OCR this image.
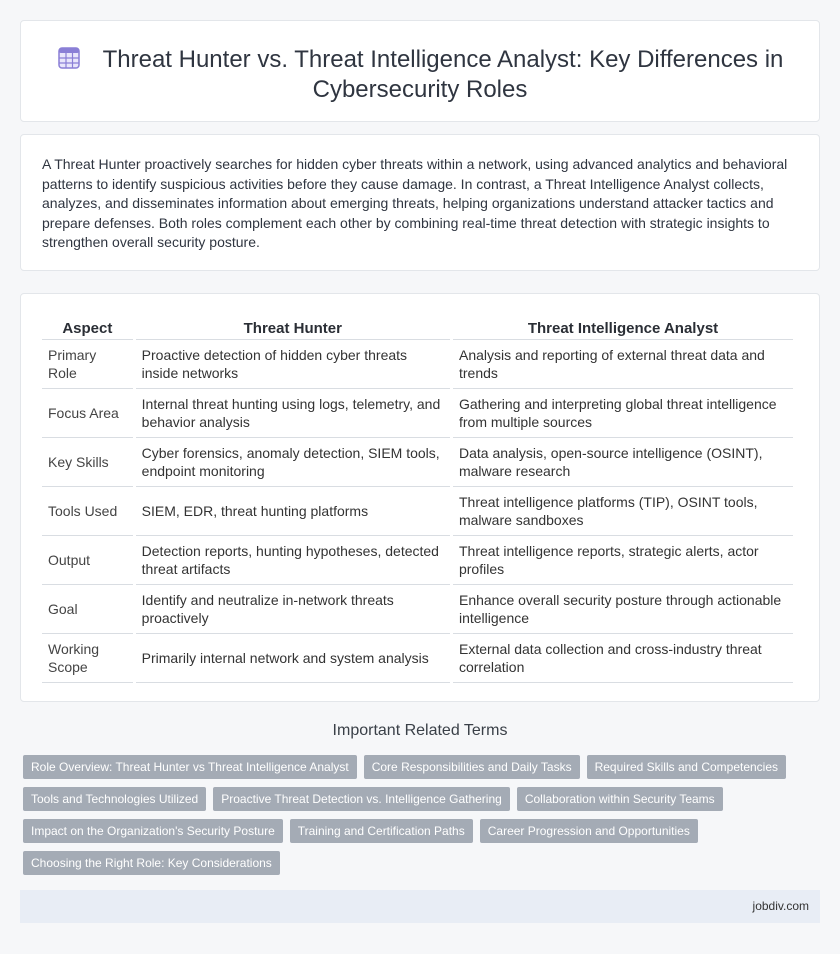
Threat Hunter vs. Threat Intelligence Analyst: Key Differences in Cybersecurity Roles

A Threat Hunter proactively searches for hidden cyber threats within a network, using advanced analytics and behavioral patterns to identify suspicious activities before they cause damage. In contrast, a Threat Intelligence Analyst collects, analyzes, and disseminates information about emerging threats, helping organizations understand attacker tactics and prepare defenses. Both roles complement each other by combining real-time threat detection with strategic insights to strengthen overall security posture.

Aspect	Threat Hunter	Threat Intelligence Analyst
Primary Role	Proactive detection of hidden cyber threats inside networks	Analysis and reporting of external threat data and trends
Focus Area	Internal threat hunting using logs, telemetry, and behavior analysis	Gathering and interpreting global threat intelligence from multiple sources
Key Skills	Cyber forensics, anomaly detection, SIEM tools, endpoint monitoring	Data analysis, open-source intelligence (OSINT), malware research
Tools Used	SIEM, EDR, threat hunting platforms	Threat intelligence platforms (TIP), OSINT tools, malware sandboxes
Output	Detection reports, hunting hypotheses, detected threat artifacts	Threat intelligence reports, strategic alerts, actor profiles
Goal	Identify and neutralize in-network threats proactively	Enhance overall security posture through actionable intelligence
Working Scope	Primarily internal network and system analysis	External data collection and cross-industry threat correlation
Important Related Terms
Role Overview: Threat Hunter vs Threat Intelligence Analyst	Core Responsibilities and Daily Tasks	Required Skills and Competencies
Tools and Technologies Utilized	Proactive Threat Detection vs. Intelligence Gathering	Collaboration within Security Teams
Impact on the Organization's Security Posture	Training and Certification Paths	Career Progression and Opportunities
Choosing the Right Role: Key Considerations
jobdiv.com
